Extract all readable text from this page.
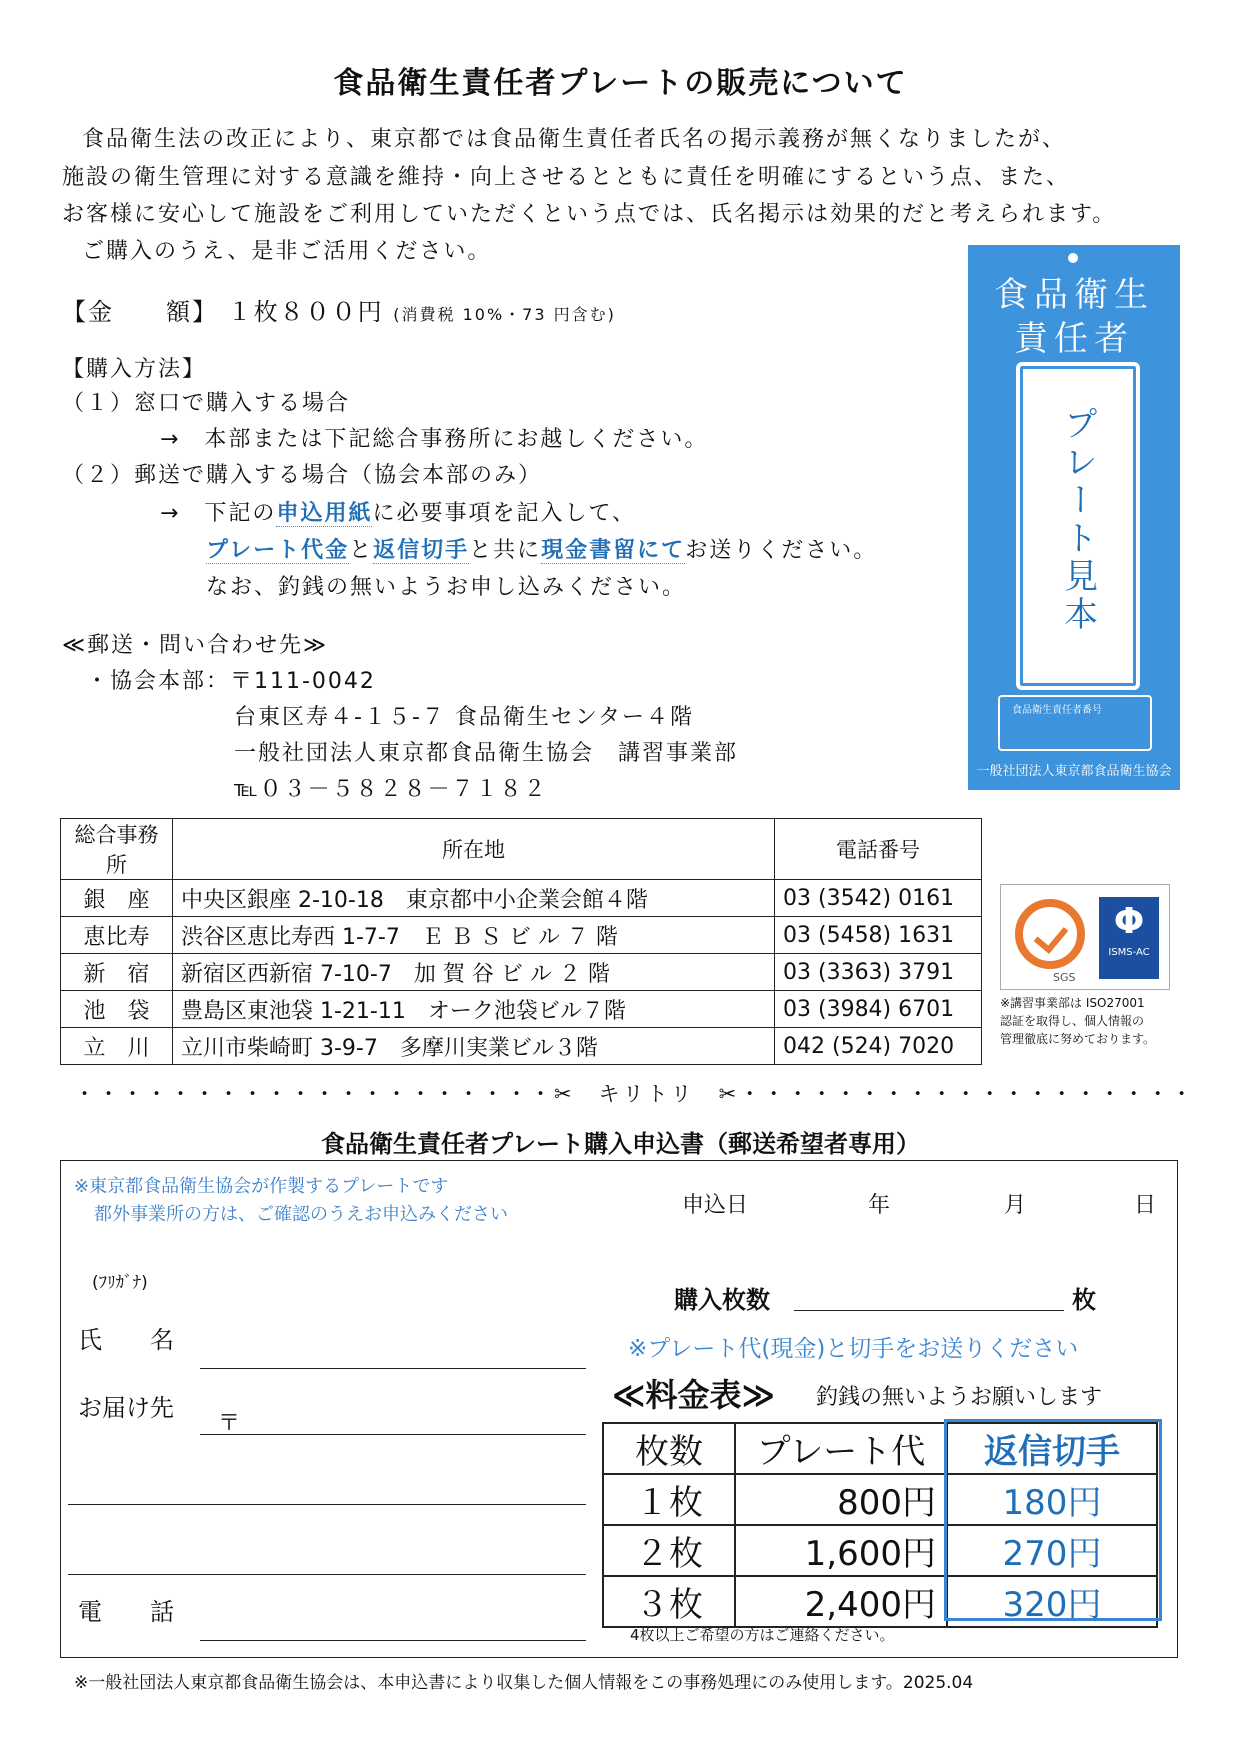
食品衛生責任者プレートの販売について
食品衛生法の改正により、東京都では食品衛生責任者氏名の掲示義務が無くなりましたが、
施設の衛生管理に対する意識を維持・向上させるとともに責任を明確にするという点、また、
お客様に安心して施設をご利用していただくという点では、氏名掲示は効果的だと考えられます。
ご購入のうえ、是非ご活用ください。
【金　　額】 １枚８００円 (消費税 10%・73 円含む)
【購入方法】
（１）窓口で購入する場合
→　本部または下記総合事務所にお越しください。
（２）郵送で購入する場合（協会本部のみ）
→　下記の申込用紙に必要事項を記入して、
プレート代金と返信切手と共に現金書留にてお送りください。
なお、釣銭の無いようお申し込みください。
≪郵送・問い合わせ先≫
・協会本部：〒111-0042
台東区寿４-１５-７ 食品衛生センター４階
一般社団法人東京都食品衛生協会　講習事業部
℡０３－５８２８－７１８２
食品衛生
責任者
プレート見本
食品衛生責任者番号
一般社団法人東京都食品衛生協会
総合事務所	所在地	電話番号
銀　座	中央区銀座 2-10-18　東京都中小企業会館４階	03 (3542) 0161
恵比寿	渋谷区恵比寿西 1-7-7　Ｅ Ｂ Ｓ ビ ル ７ 階	03 (5458) 1631
新　宿	新宿区西新宿 7-10-7　加 賀 谷 ビ ル ２ 階	03 (3363) 3791
池　袋	豊島区東池袋 1-21-11　オーク池袋ビル７階	03 (3984) 6701
立　川	立川市柴崎町 3-9-7　多摩川実業ビル３階	042 (524) 7020
SGS
Φ
ISMS-AC
※講習事業部は ISO27001
認証を取得し、個人情報の
管理徹底に努めております。
・・・・・・・・・・・・・・・・・・・・✂　キリトリ　✂・・・・・・・・・・・・・・・・・・・
食品衛生責任者プレート購入申込書（郵送希望者専用）
※東京都食品衛生協会が作製するプレートです
都外事業所の方は、ご確認のうえお申込みください	申込日	年	月	日
(ﾌﾘｶﾞﾅ)
氏　　名
お届け先
〒
電　　話
購入枚数	枚
※プレート代(現金)と切手をお送りください
≪料金表≫ 釣銭の無いようお願いします
枚数	プレート代	返信切手
１枚	800円	180円
２枚	1,600円	270円
３枚	2,400円	320円
4枚以上ご希望の方はご連絡ください。
※一般社団法人東京都食品衛生協会は、本申込書により収集した個人情報をこの事務処理にのみ使用します。2025.04
